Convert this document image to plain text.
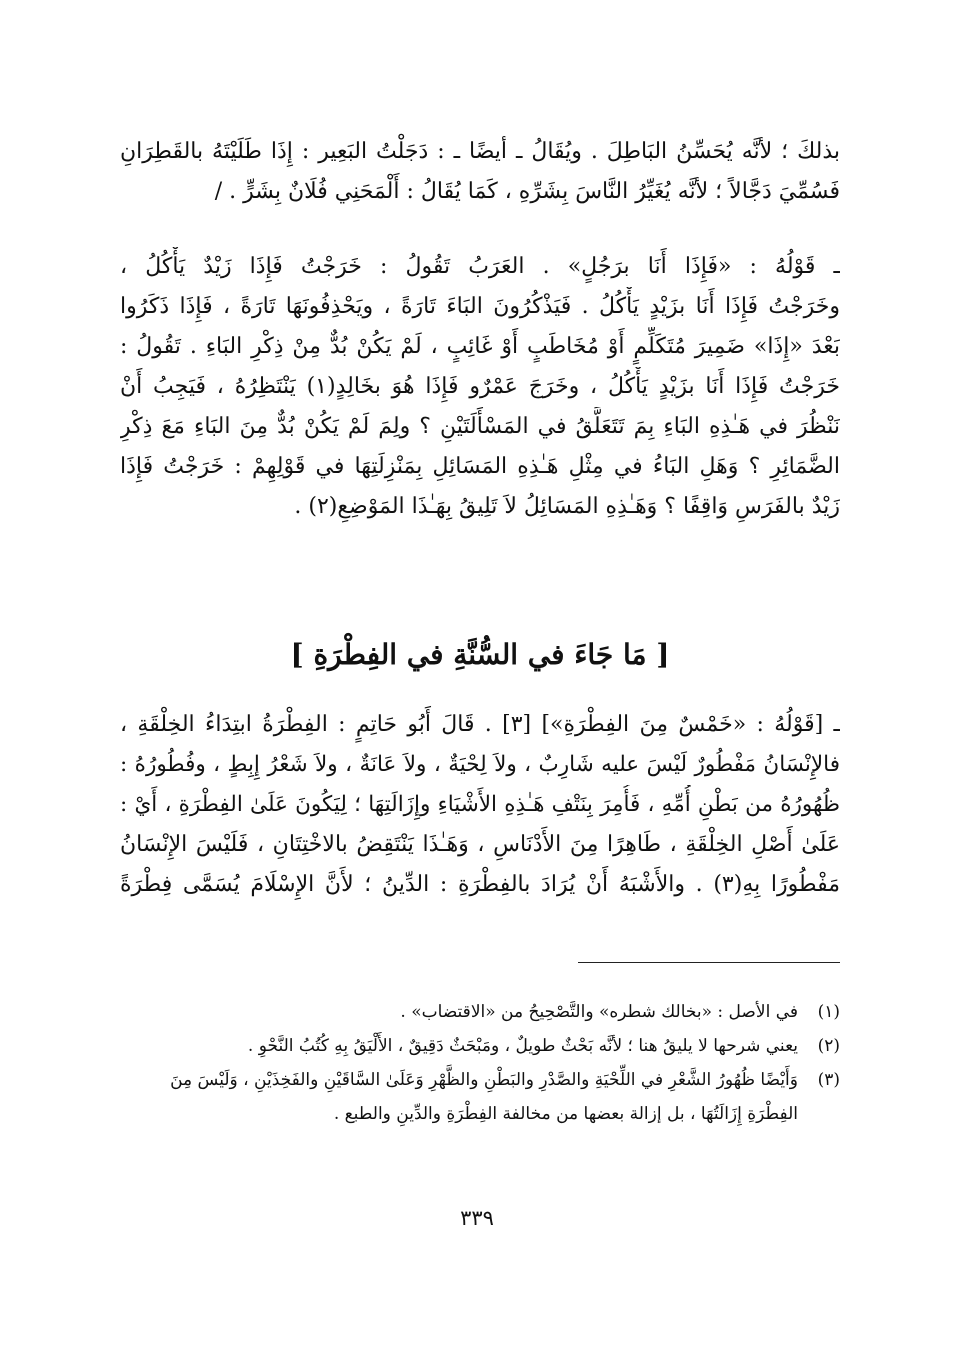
بذلكَ ؛ لأنَّه يُحَسِّنُ البَاطِلَ . ويُقَالُ ـ أيضًا ـ : دَجَلْتُ البَعِير : إِذَا طَلَيْتَهُ بالقَطِرَانِ
فَسُمِّيَ دَجَّالاً ؛ لأنَّه يُغَيِّرُ النَّاسَ بِشَرِّهِ ، كَمَا يُقَالُ : أَلْمَحَنِي فُلَانٌ بِشَرٍّ . /
ـ قَوْلُهُ : «فَإِذَا أَنَا برَجُلٍ» . العَرَبُ تَقُولُ : خَرَجْتُ فَإِذَا زَيْدٌ يَأْكُلُ ،
وخَرَجْتُ فَإِذَا أَنَا بزَيْدٍ يَأْكُلُ . فَيَذْكُرُونَ البَاءَ تَارَةً ، ويَحْذِفُونَهَا تَارَةً ، فَإِذَا ذَكَرُوا
بَعْدَ «إِذَا» ضَمِيرَ مُتَكَلِّمٍ أَوْ مُخَاطَبٍ أَوْ غَائِبٍ ، لَمْ يَكُنْ بُدٌّ مِنْ ذِكْرِ البَاءِ . تَقُولُ :
خَرَجْتُ فَإِذَا أَنَا بزَيْدٍ يَأْكُلُ ، وخَرَجَ عَمْرٌو فَإِذَا هُوَ بخَالِدٍ(١) يَنْتَظِرُهُ ، فَيَجِبُ أَنْ
نَنْظُرَ في هَـٰذِهِ البَاءِ بِمَ تَتَعَلَّقُ في المَسْأَلَتَيْنِ ؟ ولِمَ لَمْ يَكُنْ بُدٌّ مِنَ البَاءِ مَعَ ذِكْرِ
الضَّمَائِرِ ؟ وَهَلِ البَاءُ في مِثْلِ هَـٰذِهِ المَسَائِلِ بِمَنْزِلَتِهَا في قَوْلِهِمْ : خَرَجْتُ فَإِذَا
زَيْدٌ بالفَرَسِ وَاقِفًا ؟ وَهَـٰذِهِ المَسَائِلُ لاَ تَلِيقُ بِهَـٰذَا المَوْضِعِ(٢) .
[ مَا جَاءَ في السُّنَّةِ في الفِطْرَةِ ]
ـ [قَوْلُهُ : «خَمْسٌ مِنَ الفِطْرَةِ»] [٣] . قَالَ أَبُو حَاتِمٍ : الفِطْرَةُ ابتِدَاءُ الخِلْقَةِ ،
فالإِنْسَانُ مَفْطُورٌ لَيْسَ عليه شَارِبٌ ، ولاَ لِحْيَةٌ ، ولاَ عَانَةٌ ، ولاَ شَعْرُ إِبِطٍ ، وفُطُورُهُ :
ظُهُورُهُ من بَطْنِ أُمِّهِ ، فَأُمِرَ بِنَتْفِ هَـٰذِهِ الأَشْيَاءِ وإِزَالَتِهَا ؛ لِيَكُونَ عَلَىٰ الفِطْرَةِ ، أَيْ :
عَلَىٰ أَصْلِ الخِلْقَةِ ، طَاهِرًا مِنَ الأَدْنَاسِ ، وَهَـٰذَا يَنْتَقِضُ بالاخْتِتَانِ ، فَلَيْسَ الإِنْسَانُ
مَفْطُورًا بِهِ(٣) . والأَشْبَهُ أَنْ يُرَادَ بالفِطْرَةِ : الدِّينُ ؛ لأَنَّ الإِسْلَامَ يُسَمَّى فِطْرَةً
(١)
في الأصل : «بخالك شطره» والتَّصْحِيحُ من «الاقتضاب» .
(٢)
يعني شرحها لا يليقُ هنا ؛ لأنَّه بَحْثٌ طويلٌ ، ومَبْحَثٌ دَقِيقٌ ، الأَلْيَقُ بِهِ كُتُبُ النَّحْوِ .
(٣)
وَأَيْضًا ظُهُورُ الشَّعْرِ في اللِّحْيَةِ والصَّدْرِ والبَطْنِ والظَّهْرِ وَعَلَىٰ السَّاقَيْنِ والفَخِذَيْنِ ، وَلَيْسَ مِنَ
الفِطْرَةِ إِزَالَتُهَا ، بل إزالة بعضها من مخالفة الفِطْرَةِ والدِّينِ والطبع .
٣٣٩
